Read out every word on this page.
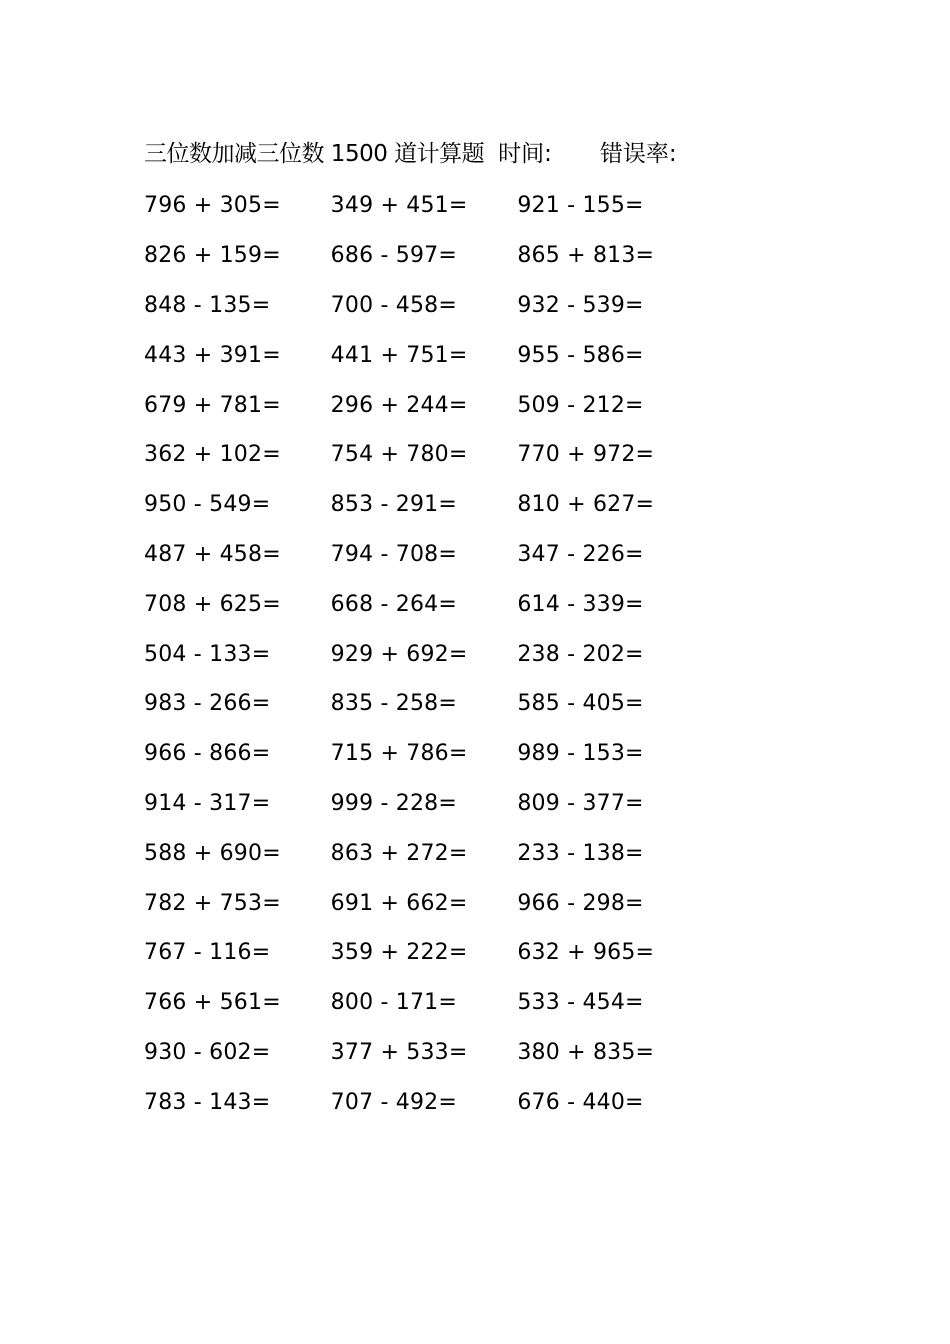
三位数加减三位数 1500 道计算题 时间: 错误率:
796 + 305=	349 + 451=	921 - 155=
826 + 159=	686 - 597=	865 + 813=
848 - 135=	700 - 458=	932 - 539=
443 + 391=	441 + 751=	955 - 586=
679 + 781=	296 + 244=	509 - 212=
362 + 102=	754 + 780=	770 + 972=
950 - 549=	853 - 291=	810 + 627=
487 + 458=	794 - 708=	347 - 226=
708 + 625=	668 - 264=	614 - 339=
504 - 133=	929 + 692=	238 - 202=
983 - 266=	835 - 258=	585 - 405=
966 - 866=	715 + 786=	989 - 153=
914 - 317=	999 - 228=	809 - 377=
588 + 690=	863 + 272=	233 - 138=
782 + 753=	691 + 662=	966 - 298=
767 - 116=	359 + 222=	632 + 965=
766 + 561=	800 - 171=	533 - 454=
930 - 602=	377 + 533=	380 + 835=
783 - 143=	707 - 492=	676 - 440=
